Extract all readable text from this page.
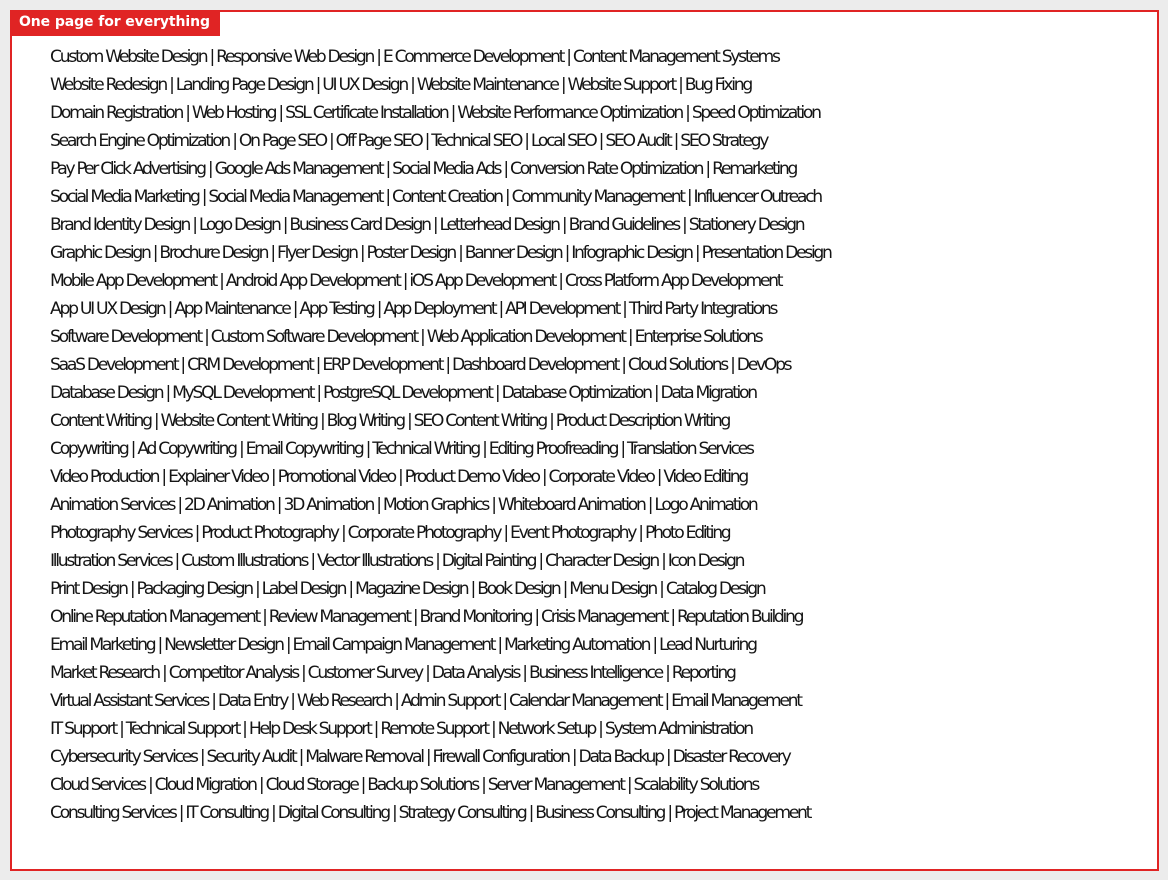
One page for everything
Custom Website Design | Responsive Web Design | E Commerce Development | Content Management Systems
Website Redesign | Landing Page Design | UI UX Design | Website Maintenance | Website Support | Bug Fixing
Domain Registration | Web Hosting | SSL Certificate Installation | Website Performance Optimization | Speed Optimization
Search Engine Optimization | On Page SEO | Off Page SEO | Technical SEO | Local SEO | SEO Audit | SEO Strategy
Pay Per Click Advertising | Google Ads Management | Social Media Ads | Conversion Rate Optimization | Remarketing
Social Media Marketing | Social Media Management | Content Creation | Community Management | Influencer Outreach
Brand Identity Design | Logo Design | Business Card Design | Letterhead Design | Brand Guidelines | Stationery Design
Graphic Design | Brochure Design | Flyer Design | Poster Design | Banner Design | Infographic Design | Presentation Design
Mobile App Development | Android App Development | iOS App Development | Cross Platform App Development
App UI UX Design | App Maintenance | App Testing | App Deployment | API Development | Third Party Integrations
Software Development | Custom Software Development | Web Application Development | Enterprise Solutions
SaaS Development | CRM Development | ERP Development | Dashboard Development | Cloud Solutions | DevOps
Database Design | MySQL Development | PostgreSQL Development | Database Optimization | Data Migration
Content Writing | Website Content Writing | Blog Writing | SEO Content Writing | Product Description Writing
Copywriting | Ad Copywriting | Email Copywriting | Technical Writing | Editing Proofreading | Translation Services
Video Production | Explainer Video | Promotional Video | Product Demo Video | Corporate Video | Video Editing
Animation Services | 2D Animation | 3D Animation | Motion Graphics | Whiteboard Animation | Logo Animation
Photography Services | Product Photography | Corporate Photography | Event Photography | Photo Editing
Illustration Services | Custom Illustrations | Vector Illustrations | Digital Painting | Character Design | Icon Design
Print Design | Packaging Design | Label Design | Magazine Design | Book Design | Menu Design | Catalog Design
Online Reputation Management | Review Management | Brand Monitoring | Crisis Management | Reputation Building
Email Marketing | Newsletter Design | Email Campaign Management | Marketing Automation | Lead Nurturing
Market Research | Competitor Analysis | Customer Survey | Data Analysis | Business Intelligence | Reporting
Virtual Assistant Services | Data Entry | Web Research | Admin Support | Calendar Management | Email Management
IT Support | Technical Support | Help Desk Support | Remote Support | Network Setup | System Administration
Cybersecurity Services | Security Audit | Malware Removal | Firewall Configuration | Data Backup | Disaster Recovery
Cloud Services | Cloud Migration | Cloud Storage | Backup Solutions | Server Management | Scalability Solutions
Consulting Services | IT Consulting | Digital Consulting | Strategy Consulting | Business Consulting | Project Management
